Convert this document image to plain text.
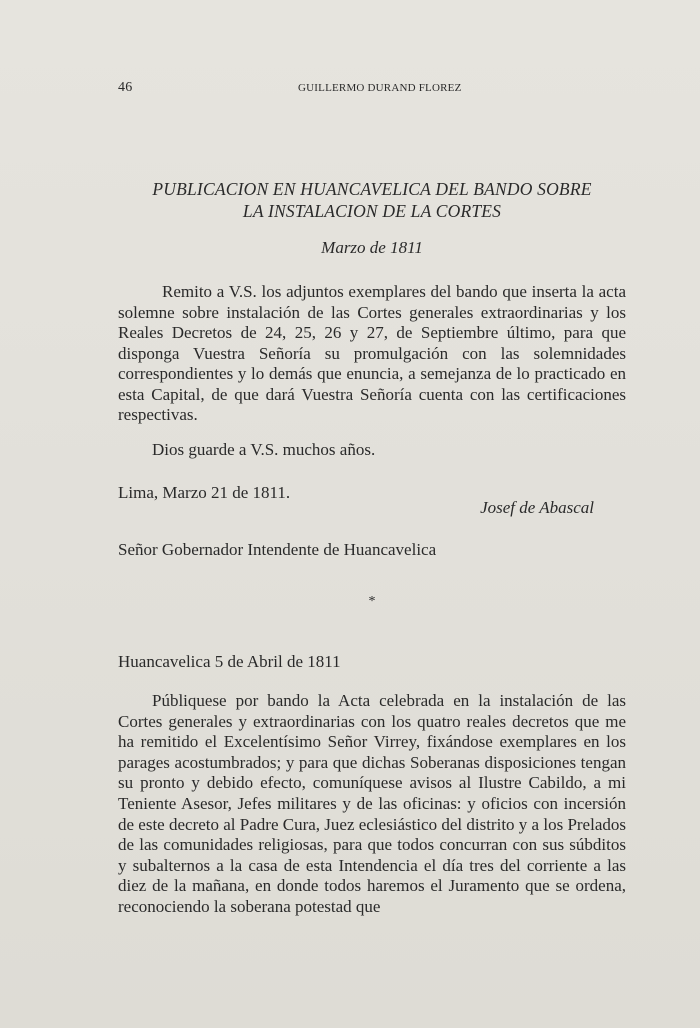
46	GUILLERMO DURAND FLOREZ
PUBLICACION EN HUANCAVELICA DEL BANDO SOBRE
LA INSTALACION DE LA CORTES
Marzo de 1811

Remito a V.S. los adjuntos exemplares del bando que inserta la acta solemne sobre instalación de las Cortes generales extraordinarias y los Reales Decretos de 24, 25, 26 y 27, de Septiembre último, para que disponga Vuestra Señoría su promulgación con las solemnidades correspondientes y lo demás que enuncia, a semejanza de lo practicado en esta Capital, de que dará Vuestra Señoría cuenta con las certificaciones respectivas.

Dios guarde a V.S. muchos años.

Lima, Marzo 21 de 1811.

Josef de Abascal

Señor Gobernador Intendente de Huancavelica

*

Huancavelica 5 de Abril de 1811

Públiquese por bando la Acta celebrada en la instalación de las Cortes generales y extraordinarias con los quatro reales decretos que me ha remitido el Excelentísimo Señor Virrey, fixándose exemplares en los parages acostumbrados; y para que dichas Soberanas disposiciones tengan su pronto y debido efecto, comuníquese avisos al Ilustre Cabildo, a mi Teniente Asesor, Jefes militares y de las oficinas: y oficios con incersión de este decreto al Padre Cura, Juez eclesiástico del distrito y a los Prelados de las comunidades religiosas, para que todos concurran con sus súbditos y subalternos a la casa de esta Intendencia el día tres del corriente a las diez de la mañana, en donde todos haremos el Juramento que se ordena, reconociendo la soberana potestad que
